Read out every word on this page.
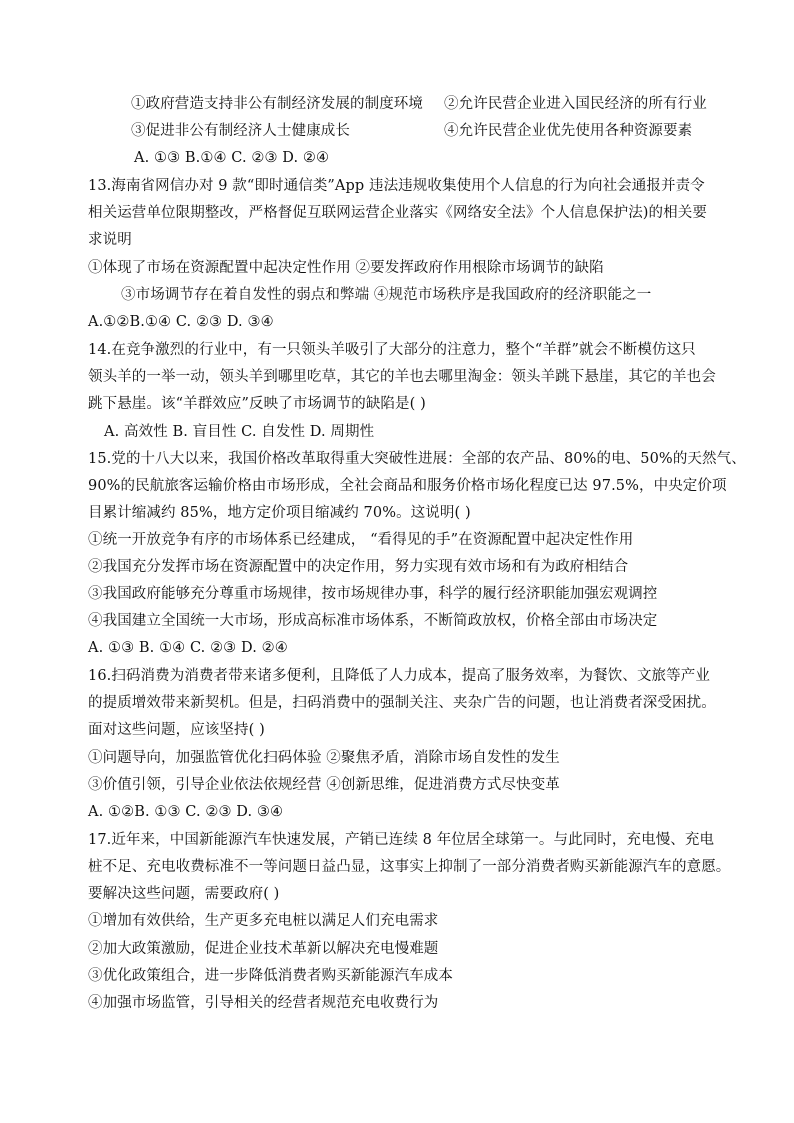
①政府营造支持非公有制经济发展的制度环境 ②允许民营企业进入国民经济的所有行业
③促进非公有制经济人士健康成长	④允许民营企业优先使用各种资源要素
A. ①③ B.①④ C. ②③ D. ②④
13.海南省网信办对 9 款“即时通信类”App 违法违规收集使用个人信息的行为向社会通报并责令
相关运营单位限期整改，严格督促互联网运营企业落实《网络安全法》个人信息保护法)的相关要
求说明
①体现了市场在资源配置中起决定性作用 ②要发挥政府作用根除市场调节的缺陷
③市场调节存在着自发性的弱点和弊端 ④规范市场秩序是我国政府的经济职能之一
A.①②B.①④ C. ②③ D. ③④
14.在竞争激烈的行业中，有一只领头羊吸引了大部分的注意力，整个“羊群”就会不断模仿这只
领头羊的一举一动，领头羊到哪里吃草，其它的羊也去哪里淘金：领头羊跳下悬崖，其它的羊也会
跳下悬崖。该“羊群效应”反映了市场调节的缺陷是( )
A. 高效性 B. 盲目性 C. 自发性 D. 周期性
15.党的十八大以来，我国价格改革取得重大突破性进展：全部的农产品、80%的电、50%的天然气、
90%的民航旅客运输价格由市场形成，全社会商品和服务价格市场化程度已达 97.5%，中央定价项
目累计缩减约 85%，地方定价项目缩减约 70%。这说明( )
①统一开放竞争有序的市场体系已经建成， “看得见的手”在资源配置中起决定性作用
②我国充分发挥市场在资源配置中的决定作用，努力实现有效市场和有为政府相结合
③我国政府能够充分尊重市场规律，按市场规律办事，科学的履行经济职能加强宏观调控
④我国建立全国统一大市场，形成高标准市场体系，不断简政放权，价格全部由市场决定
A. ①③ B. ①④ C. ②③ D. ②④
16.扫码消费为消费者带来诸多便利，且降低了人力成本，提高了服务效率，为餐饮、文旅等产业
的提质增效带来新契机。但是，扫码消费中的强制关注、夹杂广告的问题，也让消费者深受困扰。
面对这些问题，应该坚持( )
①问题导向，加强监管优化扫码体验 ②聚焦矛盾，消除市场自发性的发生
③价值引领，引导企业依法依规经营 ④创新思维，促进消费方式尽快变革
A. ①②B. ①③ C. ②③ D. ③④
17.近年来，中国新能源汽车快速发展，产销已连续 8 年位居全球第一。与此同时，充电慢、充电
桩不足、充电收费标准不一等问题日益凸显，这事实上抑制了一部分消费者购买新能源汽车的意愿。
要解决这些问题，需要政府( )
①增加有效供给，生产更多充电桩以满足人们充电需求
②加大政策激励，促进企业技术革新以解决充电慢难题
③优化政策组合，进一步降低消费者购买新能源汽车成本
④加强市场监管，引导相关的经营者规范充电收费行为
